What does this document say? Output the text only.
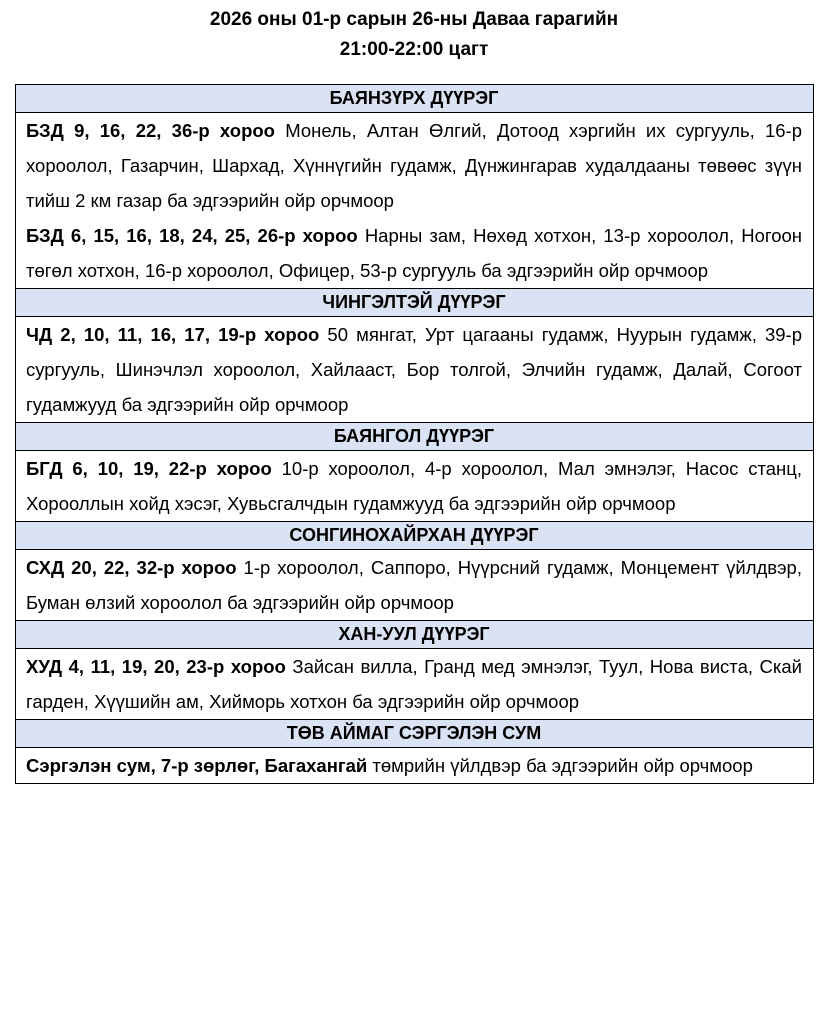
2026 оны 01-р сарын 26-ны Даваа гарагийн
21:00-22:00 цагт
БАЯНЗҮРХ ДҮҮРЭГ

БЗД 9, 16, 22, 36-р хороо Монель, Алтан Өлгий, Дотоод хэргийн их сургууль, 16-р хороолол, Газарчин, Шархад, Хүннүгийн гудамж, Дүнжингарав худалдааны төвөөс зүүн тийш 2 км газар ба эдгээрийн ойр орчмоор

БЗД 6, 15, 16, 18, 24, 25, 26-р хороо Нарны зам, Нөхөд хотхон, 13-р хороолол, Ногоон төгөл хотхон, 16-р хороолол, Офицер, 53-р сургууль ба эдгээрийн ойр орчмоор

ЧИНГЭЛТЭЙ ДҮҮРЭГ

ЧД 2, 10, 11, 16, 17, 19-р хороо 50 мянгат, Урт цагааны гудамж, Нуурын гудамж, 39-р сургууль, Шинэчлэл хороолол, Хайлааст, Бор толгой, Элчийн гудамж, Далай, Согоот гудамжууд ба эдгээрийн ойр орчмоор

БАЯНГОЛ ДҮҮРЭГ

БГД 6, 10, 19, 22-р хороо 10-р хороолол, 4-р хороолол, Мал эмнэлэг, Насос станц, Хорооллын хойд хэсэг, Хувьсгалчдын гудамжууд ба эдгээрийн ойр орчмоор

СОНГИНОХАЙРХАН ДҮҮРЭГ

СХД 20, 22, 32-р хороо 1-р хороолол, Саппоро, Нүүрсний гудамж, Монцемент үйлдвэр, Буман өлзий хороолол ба эдгээрийн ойр орчмоор

ХАН-УУЛ ДҮҮРЭГ

ХУД 4, 11, 19, 20, 23-р хороо Зайсан вилла, Гранд мед эмнэлэг, Туул, Нова виста, Скай гарден, Хүүшийн ам, Хийморь хотхон ба эдгээрийн ойр орчмоор

ТӨВ АЙМАГ СЭРГЭЛЭН СУМ

Сэргэлэн сум, 7-р зөрлөг, Багахангай төмрийн үйлдвэр ба эдгээрийн ойр орчмоор
